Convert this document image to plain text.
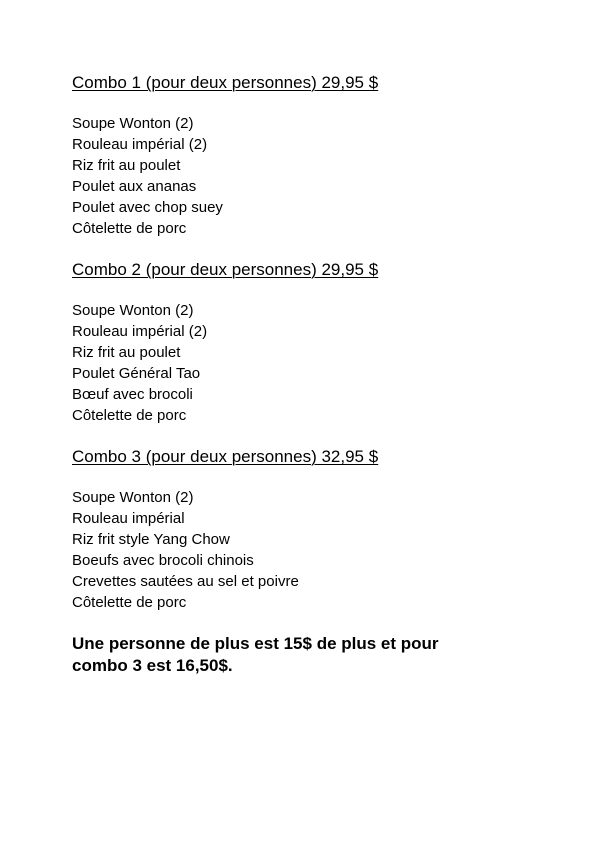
Combo 1 (pour deux personnes) 29,95 $
Soupe Wonton (2)
Rouleau impérial (2)
Riz frit au poulet
Poulet aux ananas
Poulet avec chop suey
Côtelette de porc
Combo 2 (pour deux personnes) 29,95 $
Soupe Wonton (2)
Rouleau impérial (2)
Riz frit au poulet
Poulet Général Tao
Bœuf avec brocoli
Côtelette de porc
Combo 3 (pour deux personnes) 32,95 $
Soupe Wonton (2)
Rouleau impérial
Riz frit style Yang Chow
Boeufs avec brocoli chinois
Crevettes sautées au sel et poivre
Côtelette de porc

Une personne de plus est 15$ de plus et pour combo 3 est 16,50$.
